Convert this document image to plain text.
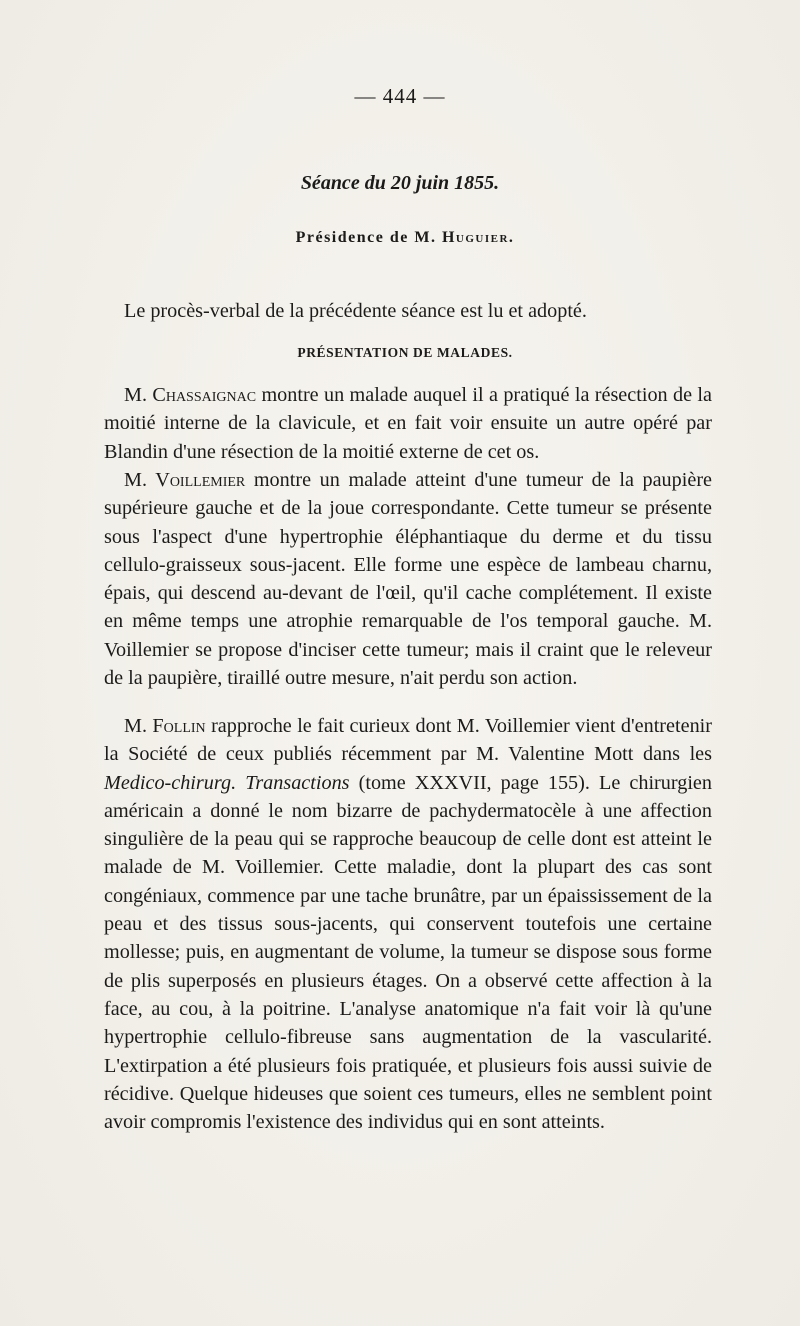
— 444 —
Séance du 20 juin 1855.
Présidence de M. Huguier.
Le procès-verbal de la précédente séance est lu et adopté.
PRÉSENTATION DE MALADES.

M. Chassaignac montre un malade auquel il a pratiqué la résection de la moitié interne de la clavicule, et en fait voir ensuite un autre opéré par Blandin d'une résection de la moitié externe de cet os.

M. Voillemier montre un malade atteint d'une tumeur de la paupière supérieure gauche et de la joue correspondante. Cette tumeur se présente sous l'aspect d'une hypertrophie éléphantiaque du derme et du tissu cellulo-graisseux sous-jacent. Elle forme une espèce de lambeau charnu, épais, qui descend au-devant de l'œil, qu'il cache complétement. Il existe en même temps une atrophie remarquable de l'os temporal gauche. M. Voillemier se propose d'inciser cette tumeur; mais il craint que le releveur de la paupière, tiraillé outre mesure, n'ait perdu son action.

M. Follin rapproche le fait curieux dont M. Voillemier vient d'entretenir la Société de ceux publiés récemment par M. Valentine Mott dans les Medico-chirurg. Transactions (tome XXXVII, page 155). Le chirurgien américain a donné le nom bizarre de pachydermatocèle à une affection singulière de la peau qui se rapproche beaucoup de celle dont est atteint le malade de M. Voillemier. Cette maladie, dont la plupart des cas sont congéniaux, commence par une tache brunâtre, par un épaississement de la peau et des tissus sous-jacents, qui conservent toutefois une certaine mollesse; puis, en augmentant de volume, la tumeur se dispose sous forme de plis superposés en plusieurs étages. On a observé cette affection à la face, au cou, à la poitrine. L'analyse anatomique n'a fait voir là qu'une hypertrophie cellulo-fibreuse sans augmentation de la vascularité. L'extirpation a été plusieurs fois pratiquée, et plusieurs fois aussi suivie de récidive. Quelque hideuses que soient ces tumeurs, elles ne semblent point avoir compromis l'existence des individus qui en sont atteints.
